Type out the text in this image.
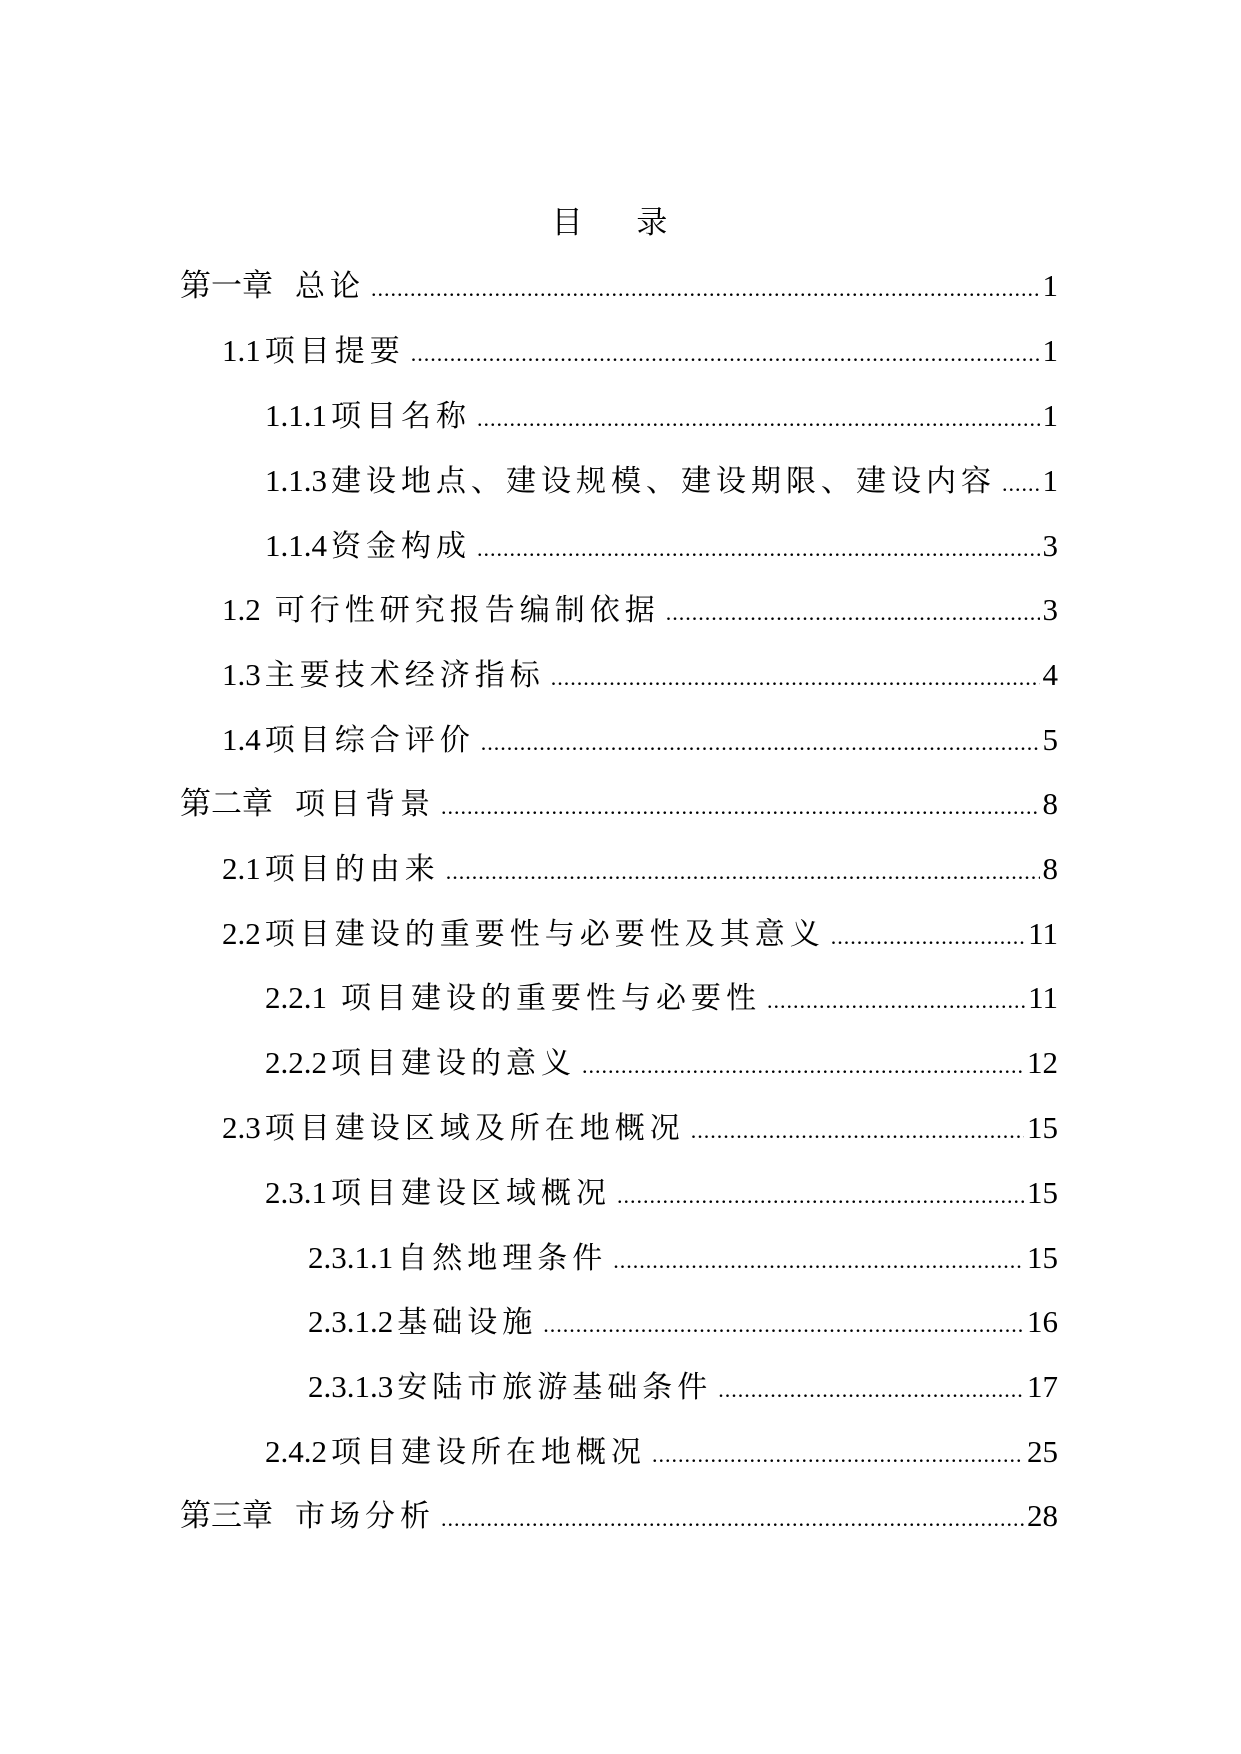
目 录
第一章 总论 .....	1
1.1 项目提要 .....	1
1.1.1 项目名称 .....	1
1.1.3 建设地点、建设规模、建设期限、建设内容 ..... 1
1.1.4 资金构成 .....	3
1.2 可行性研究报告编制依据 .....	3
1.3 主要技术经济指标 .....	4
1.4 项目综合评价 .....	5
第二章 项目背景 .....	8
2.1 项目的由来 .....	8
2.2 项目建设的重要性与必要性及其意义 .....	11
2.2.1 项目建设的重要性与必要性 .....	11
2.2.2 项目建设的意义 .....	12
2.3 项目建设区域及所在地概况 .....	15
2.3.1 项目建设区域概况 .....	15
2.3.1.1 自然地理条件 .....	15
2.3.1.2 基础设施 .....	16
2.3.1.3 安陆市旅游基础条件 .....	17
2.4.2 项目建设所在地概况 .....	25
第三章 市场分析 .....	28
